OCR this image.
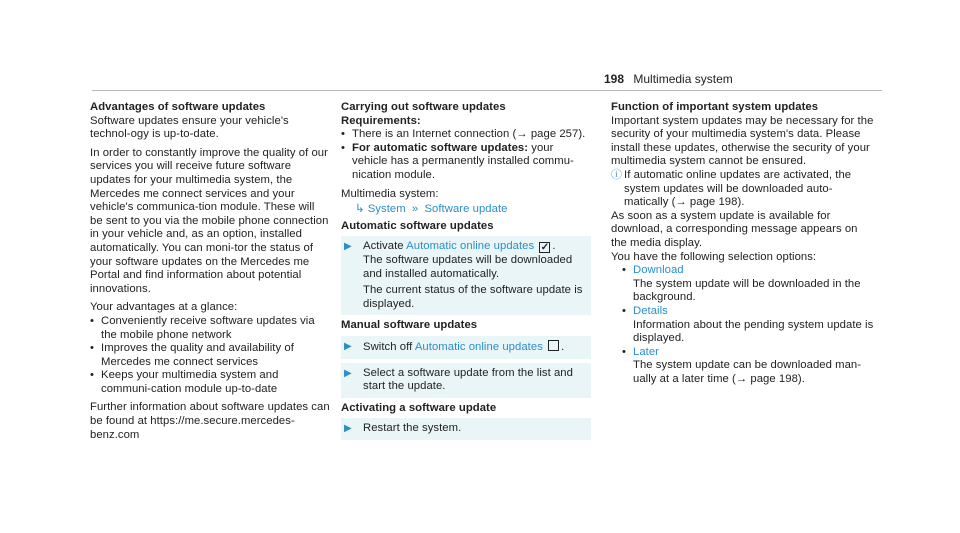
198 Multimedia system
Advantages of software updates

Software updates ensure your vehicle's technol-ogy is up-to-date.

In order to constantly improve the quality of our services you will receive future software updates for your multimedia system, the Mercedes me connect services and your vehicle's communica-tion module. These will be sent to you via the mobile phone connection in your vehicle and, as an option, installed automatically. You can moni-tor the status of your software updates on the Mercedes me Portal and find information about potential innovations.

Your advantages at a glance:

• Conveniently receive software updates via the mobile phone network
• Improves the quality and availability of Mercedes me connect services
• Keeps your multimedia system and communi-cation module up-to-date

Further information about software updates can be found at https://me.secure.mercedes-benz.com

Carrying out software updates
Requirements:
• There is an Internet connection (→ page 257).
• For automatic software updates: your vehicle has a permanently installed commu-nication module.

Multimedia system:

↳ System » Software update
Automatic software updates
▶ Activate Automatic online updates ✓ .

The software updates will be downloaded and installed automatically.

The current status of the software update is displayed.

Manual software updates
▶ Switch off Automatic online updates .
▶ Select a software update from the list and start the update.
Activating a software update
▶ Restart the system.
Function of important system updates

Important system updates may be necessary for the security of your multimedia system's data. Please install these updates, otherwise the security of your multimedia system cannot be ensured.

ⓘ If automatic online updates are activated, the system updates will be downloaded auto-matically (→ page 198).

As soon as a system update is available for download, a corresponding message appears on the media display.

You have the following selection options:

• Download

The system update will be downloaded in the background.

• Details

Information about the pending system update is displayed.

• Later

The system update can be downloaded man-ually at a later time (→ page 198).
